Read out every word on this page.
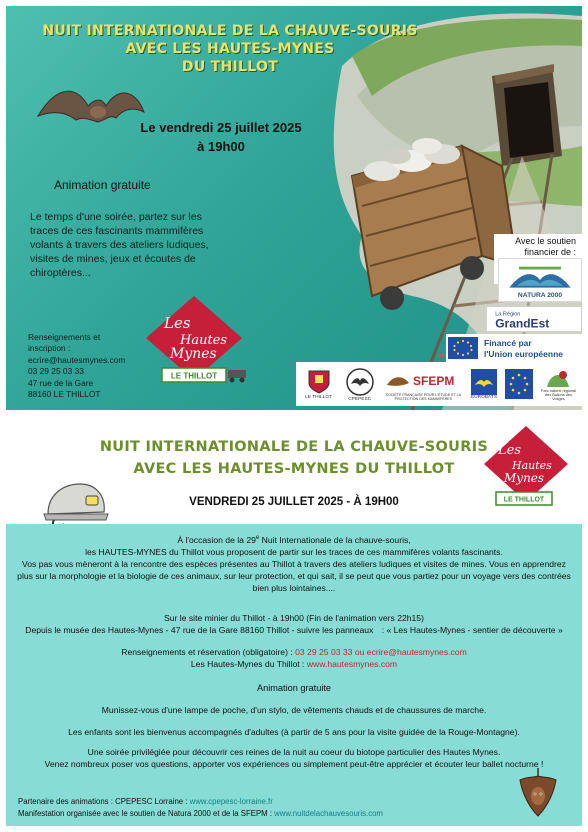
NUIT INTERNATIONALE DE LA CHAUVE-SOURIS
AVEC LES HAUTES-MYNES
DU THILLOT
Le vendredi 25 juillet 2025
à 19h00
Animation gratuite
Le temps d'une soirée, partez sur les traces de ces fascinants mammifères volants à travers des ateliers ludiques, visites de mines, jeux et écoutes de chiroptères...
Renseignements et
inscription :
ecrire@hautesmynes.com
03 29 25 03 33
47 rue de la Gare
88160 LE THILLOT
Les
Hautes
Mynes
LE THILLOT
Avec le soutien
financier de :
NATURA 2000
La Région
GrandEst
Financé par
l'Union européenne
LE THILLOT	CPEPESC
SFEPM
SOCIÉTÉ FRANÇAISE POUR L'ÉTUDE ET LA PROTECTION DES MAMMIFÈRES	EUROBATS
Parc naturel régional des Ballons des Vosges
NUIT INTERNATIONALE DE LA CHAUVE-SOURIS
AVEC LES HAUTES-MYNES DU THILLOT
VENDREDI 25 JUILLET 2025 - À 19H00
Les
Hautes
Mynes
LE THILLOT
À l'occasion de la 29e Nuit Internationale de la chauve-souris,
les HAUTES-MYNES du Thillot vous proposent de partir sur les traces de ces mammifères volants fascinants.
Vos pas vous mèneront à la rencontre des espèces présentes au Thillot à travers des ateliers ludiques et visites de mines. Vous en apprendrez plus sur la morphologie et la biologie de ces animaux, sur leur protection, et qui sait, il se peut que vous partiez pour un voyage vers des contrées bien plus lointaines....
Sur le site minier du Thillot - à 19h00 (Fin de l'animation vers 22h15)
Depuis le musée des Hautes-Mynes - 47 rue de la Gare 88160 Thillot - suivre les panneaux : « Les Hautes-Mynes - sentier de découverte »
Renseignements et réservation (obligatoire) : 03 29 25 03 33 ou ecrire@hautesmynes.com
Les Hautes-Mynes du Thillot : www.hautesmynes.com
Animation gratuite
Munissez-vous d'une lampe de poche, d'un stylo, de vêtements chauds et de chaussures de marche.
Les enfants sont les bienvenus accompagnés d'adultes (à partir de 5 ans pour la visite guidée de la Rouge-Montagne).
Une soirée privilégiée pour découvrir ces reines de la nuit au coeur du biotope particulier des Hautes Mynes.
Venez nombreux poser vos questions, apporter vos expériences ou simplement peut-être apprécier et écouter leur ballet nocturne !
Partenaire des animations : CPEPESC Lorraine : www.cpepesc-lorraine.fr
Manifestation organisée avec le soutien de Natura 2000 et de la SFEPM : www.nuitdelachauvesouris.com
